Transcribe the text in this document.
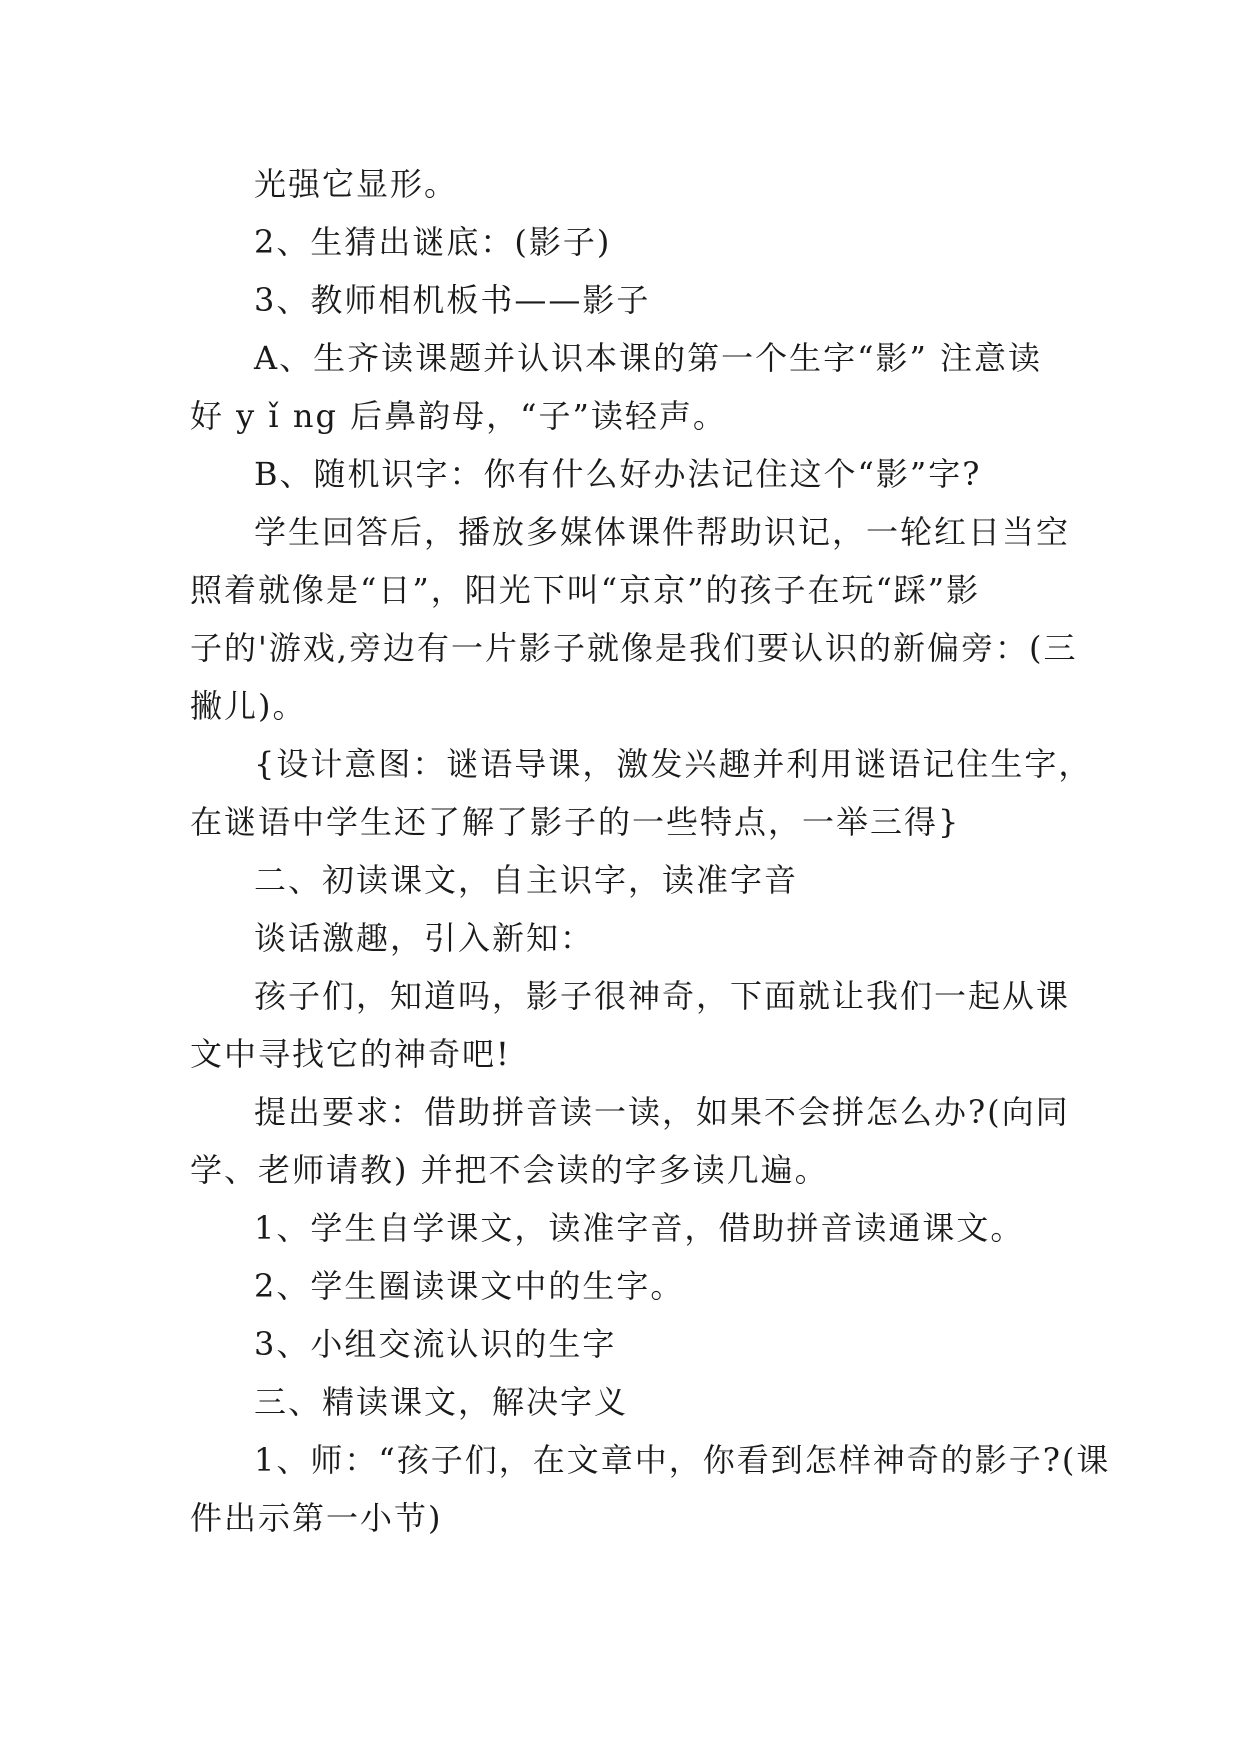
光强它显形。
2、生猜出谜底：(影子)
3、教师相机板书——影子
A、生齐读课题并认识本课的第一个生字“影” 注意读
好 y ǐ ng 后鼻韵母，“子”读轻声。
B、随机识字：你有什么好办法记住这个“影”字?
学生回答后，播放多媒体课件帮助识记，一轮红日当空
照着就像是“日”，阳光下叫“京京”的孩子在玩“踩”影
子的'游戏,旁边有一片影子就像是我们要认识的新偏旁：(三
撇儿)。
{设计意图：谜语导课，激发兴趣并利用谜语记住生字，
在谜语中学生还了解了影子的一些特点，一举三得}
二、初读课文，自主识字，读准字音
谈话激趣，引入新知：
孩子们，知道吗，影子很神奇，下面就让我们一起从课
文中寻找它的神奇吧!
提出要求：借助拼音读一读，如果不会拼怎么办?(向同
学、老师请教) 并把不会读的字多读几遍。
1、学生自学课文，读准字音，借助拼音读通课文。
2、学生圈读课文中的生字。
3、小组交流认识的生字
三、精读课文，解决字义
1、师：“孩子们，在文章中，你看到怎样神奇的影子?(课
件出示第一小节)
